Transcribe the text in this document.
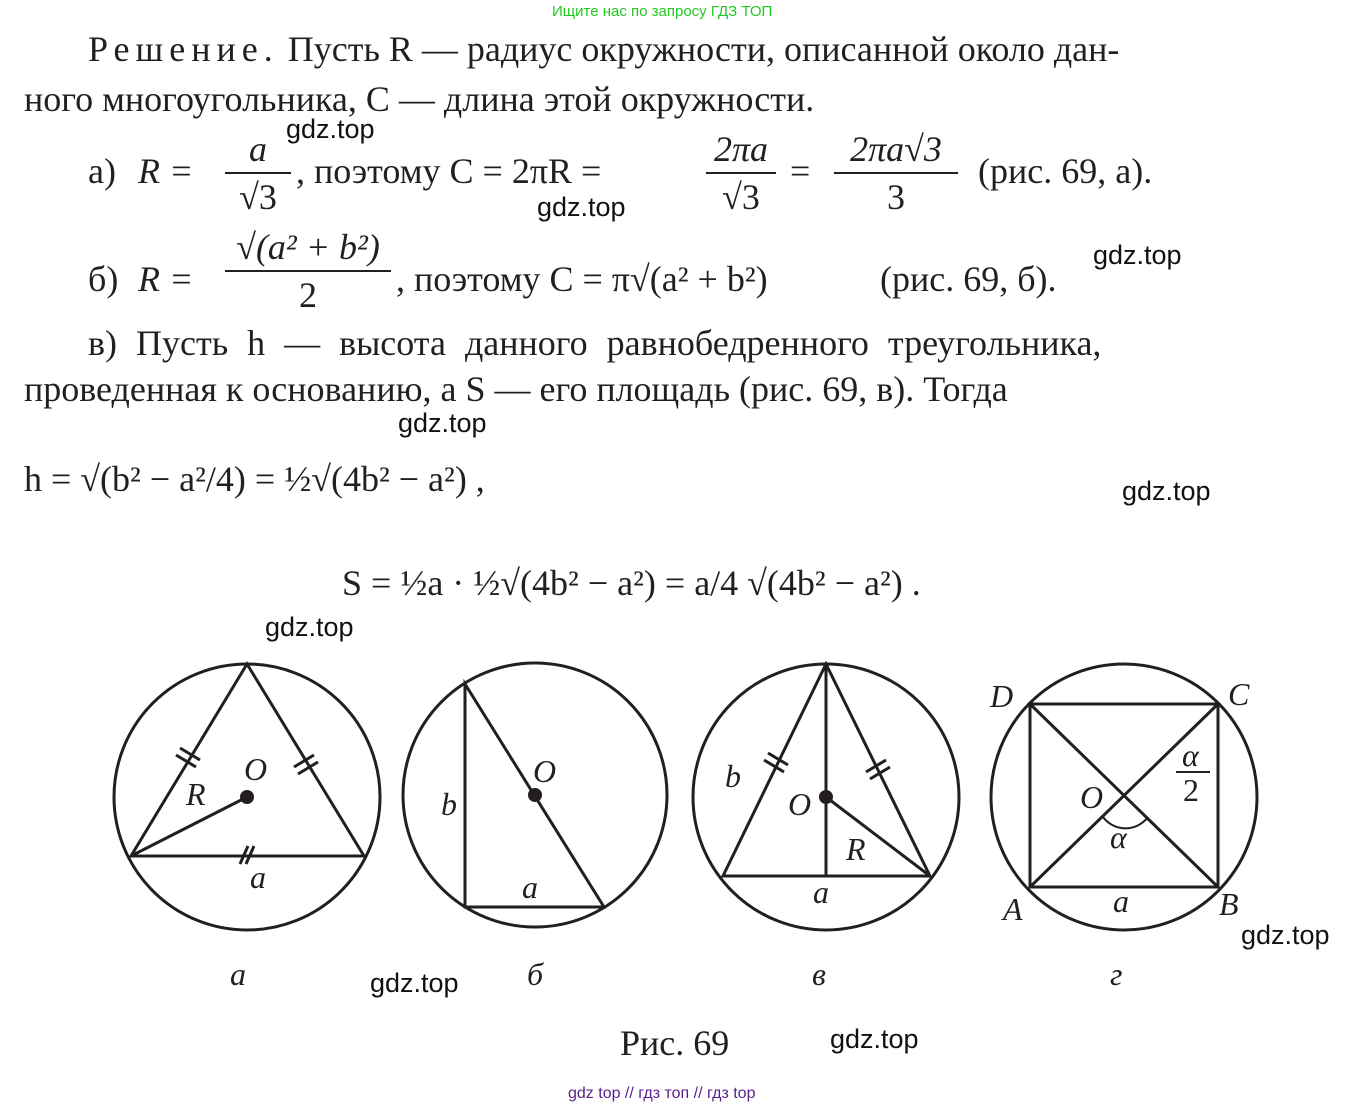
Ищите нас по запросу ГДЗ ТОП
Решение. Пусть R — радиус окружности, описанной около дан-
ного многоугольника, C — длина этой окружности.
а) R =
a
√3
, поэтому C = 2πR =
2πa
√3
=
2πa√3
3
(рис. 69, а).
б) R =
√(a² + b²)
2	, поэтому C = π√(a² + b²)	(рис. 69, б).
в) Пусть h — высота данного равнобедренного треугольника,
проведенная к основанию, а S — его площадь (рис. 69, в). Тогда
h = √(b² − a²/4) = ½√(4b² − a²) ,
S = ½a · ½√(4b² − a²) = a/4 √(4b² − a²) .
O
R
a
O
b
a
b
O
R
a
D	C
A	B
O
a
α
α
2
а	б	в	г
Рис. 69
gdz.top
gdz.top
gdz.top
gdz.top
gdz.top
gdz.top
gdz.top
gdz.top
gdz.top
gdz top // гдз топ // гдз top
